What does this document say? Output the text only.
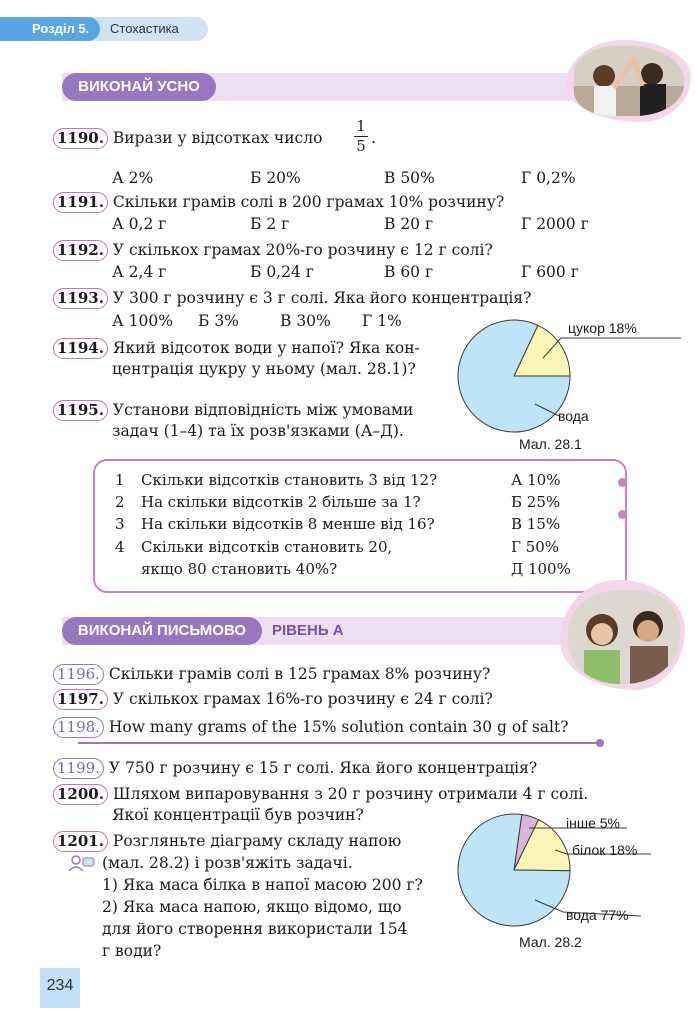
Розділ 5.	Стохастика
ВИКОНАЙ УСНО
1190. Вирази у відсотках число $\frac{1}{5}$ .
А 2%	Б 20%	В 50%	Г 0,2%
1191. Скільки грамів солі в 200 грамах 10% розчину?
А 0,2 г	Б 2 г	В 20 г	Г 2000 г
1192. У скількох грамах 20%-го розчину є 12 г солі?
А 2,4 г	Б 0,24 г	В 60 г	Г 600 г
1193. У 300 г розчину є 3 г солі. Яка його концентрація?
А 100% Б 3%	В 30% Г 1%
1194. Який відсоток води у напої? Яка кон-
центрація цукру у ньому (мал. 28.1)?
1195. Установи відповідність між умовами
задач (1–4) та їх розв'язками (А–Д).
цукор 18%
вода
Мал. 28.1
1 Скільки відсотків становить 3 від 12?	А 10%
2 На скільки відсотків 2 більше за 1?	Б 25%
3 На скільки відсотків 8 менше від 16?	В 15%
4 Скільки відсотків становить 20,	Г 50%
якщо 80 становить 40%?	Д 100%
ВИКОНАЙ ПИСЬМОВО	РІВЕНЬ А
1196. Скільки грамів солі в 125 грамах 8% розчину?
1197. У скількох грамах 16%-го розчину є 24 г солі?
1198. How many grams of the 15% solution contain 30 g of salt?
1199. У 750 г розчину є 15 г солі. Яка його концентрація?
1200. Шляхом випаровування з 20 г розчину отримали 4 г солі.
Якої концентрації був розчин?
1201. Розгляньте діаграму складу напою
(мал. 28.2) і розв'яжіть задачі.
1) Яка маса білка в напої масою 200 г?
2) Яка маса напою, якщо відомо, що
для його створення використали 154
г води?
інше 5%
білок 18%
вода 77%
Мал. 28.2
234
